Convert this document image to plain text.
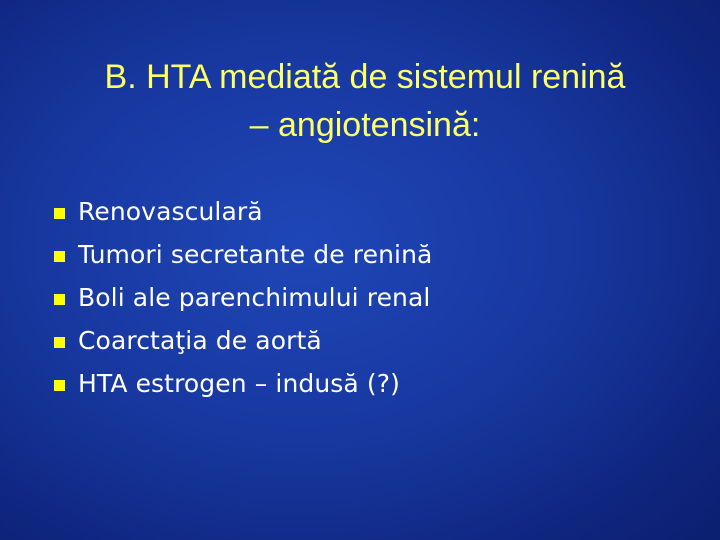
B. HTA mediată de sistemul renină
– angiotensină:
Renovasculară
Tumori secretante de renină
Boli ale parenchimului renal
Coarctaţia de aortă
HTA estrogen – indusă (?)
